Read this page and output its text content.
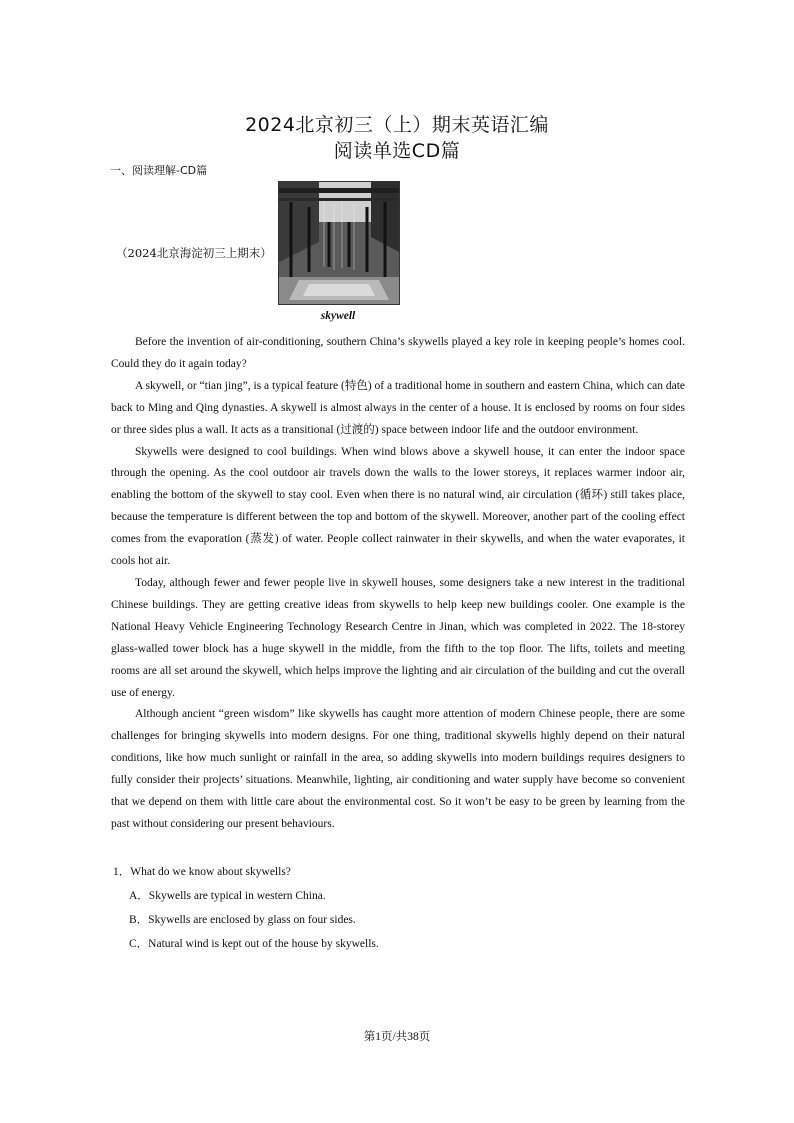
2024北京初三（上）期末英语汇编
阅读单选CD篇
一、阅读理解-CD篇
（2024北京海淀初三上期末）
skywell

Before the invention of air-conditioning, southern China’s skywells played a key role in keeping people’s homes cool. Could they do it again today?

A skywell, or “tian jing”, is a typical feature (特色) of a traditional home in southern and eastern China, which can date back to Ming and Qing dynasties. A skywell is almost always in the center of a house. It is enclosed by rooms on four sides or three sides plus a wall. It acts as a transitional (过渡的) space between indoor life and the outdoor environment.

Skywells were designed to cool buildings. When wind blows above a skywell house, it can enter the indoor space through the opening. As the cool outdoor air travels down the walls to the lower storeys, it replaces warmer indoor air, enabling the bottom of the skywell to stay cool. Even when there is no natural wind, air circulation (循环) still takes place, because the temperature is different between the top and bottom of the skywell. Moreover, another part of the cooling effect comes from the evaporation (蒸发) of water. People collect rainwater in their skywells, and when the water evaporates, it cools hot air.

Today, although fewer and fewer people live in skywell houses, some designers take a new interest in the traditional Chinese buildings. They are getting creative ideas from skywells to help keep new buildings cooler. One example is the National Heavy Vehicle Engineering Technology Research Centre in Jinan, which was completed in 2022. The 18-storey glass-walled tower block has a huge skywell in the middle, from the fifth to the top floor. The lifts, toilets and meeting rooms are all set around the skywell, which helps improve the lighting and air circulation of the building and cut the overall use of energy.

Although ancient “green wisdom” like skywells has caught more attention of modern Chinese people, there are some challenges for bringing skywells into modern designs. For one thing, traditional skywells highly depend on their natural conditions, like how much sunlight or rainfall in the area, so adding skywells into modern buildings requires designers to fully consider their projects’ situations. Meanwhile, lighting, air conditioning and water supply have become so convenient that we depend on them with little care about the environmental cost. So it won’t be easy to be green by learning from the past without considering our present behaviours.

1．What do we know about skywells?
A．Skywells are typical in western China.
B．Skywells are enclosed by glass on four sides.
C．Natural wind is kept out of the house by skywells.
第1页/共38页
